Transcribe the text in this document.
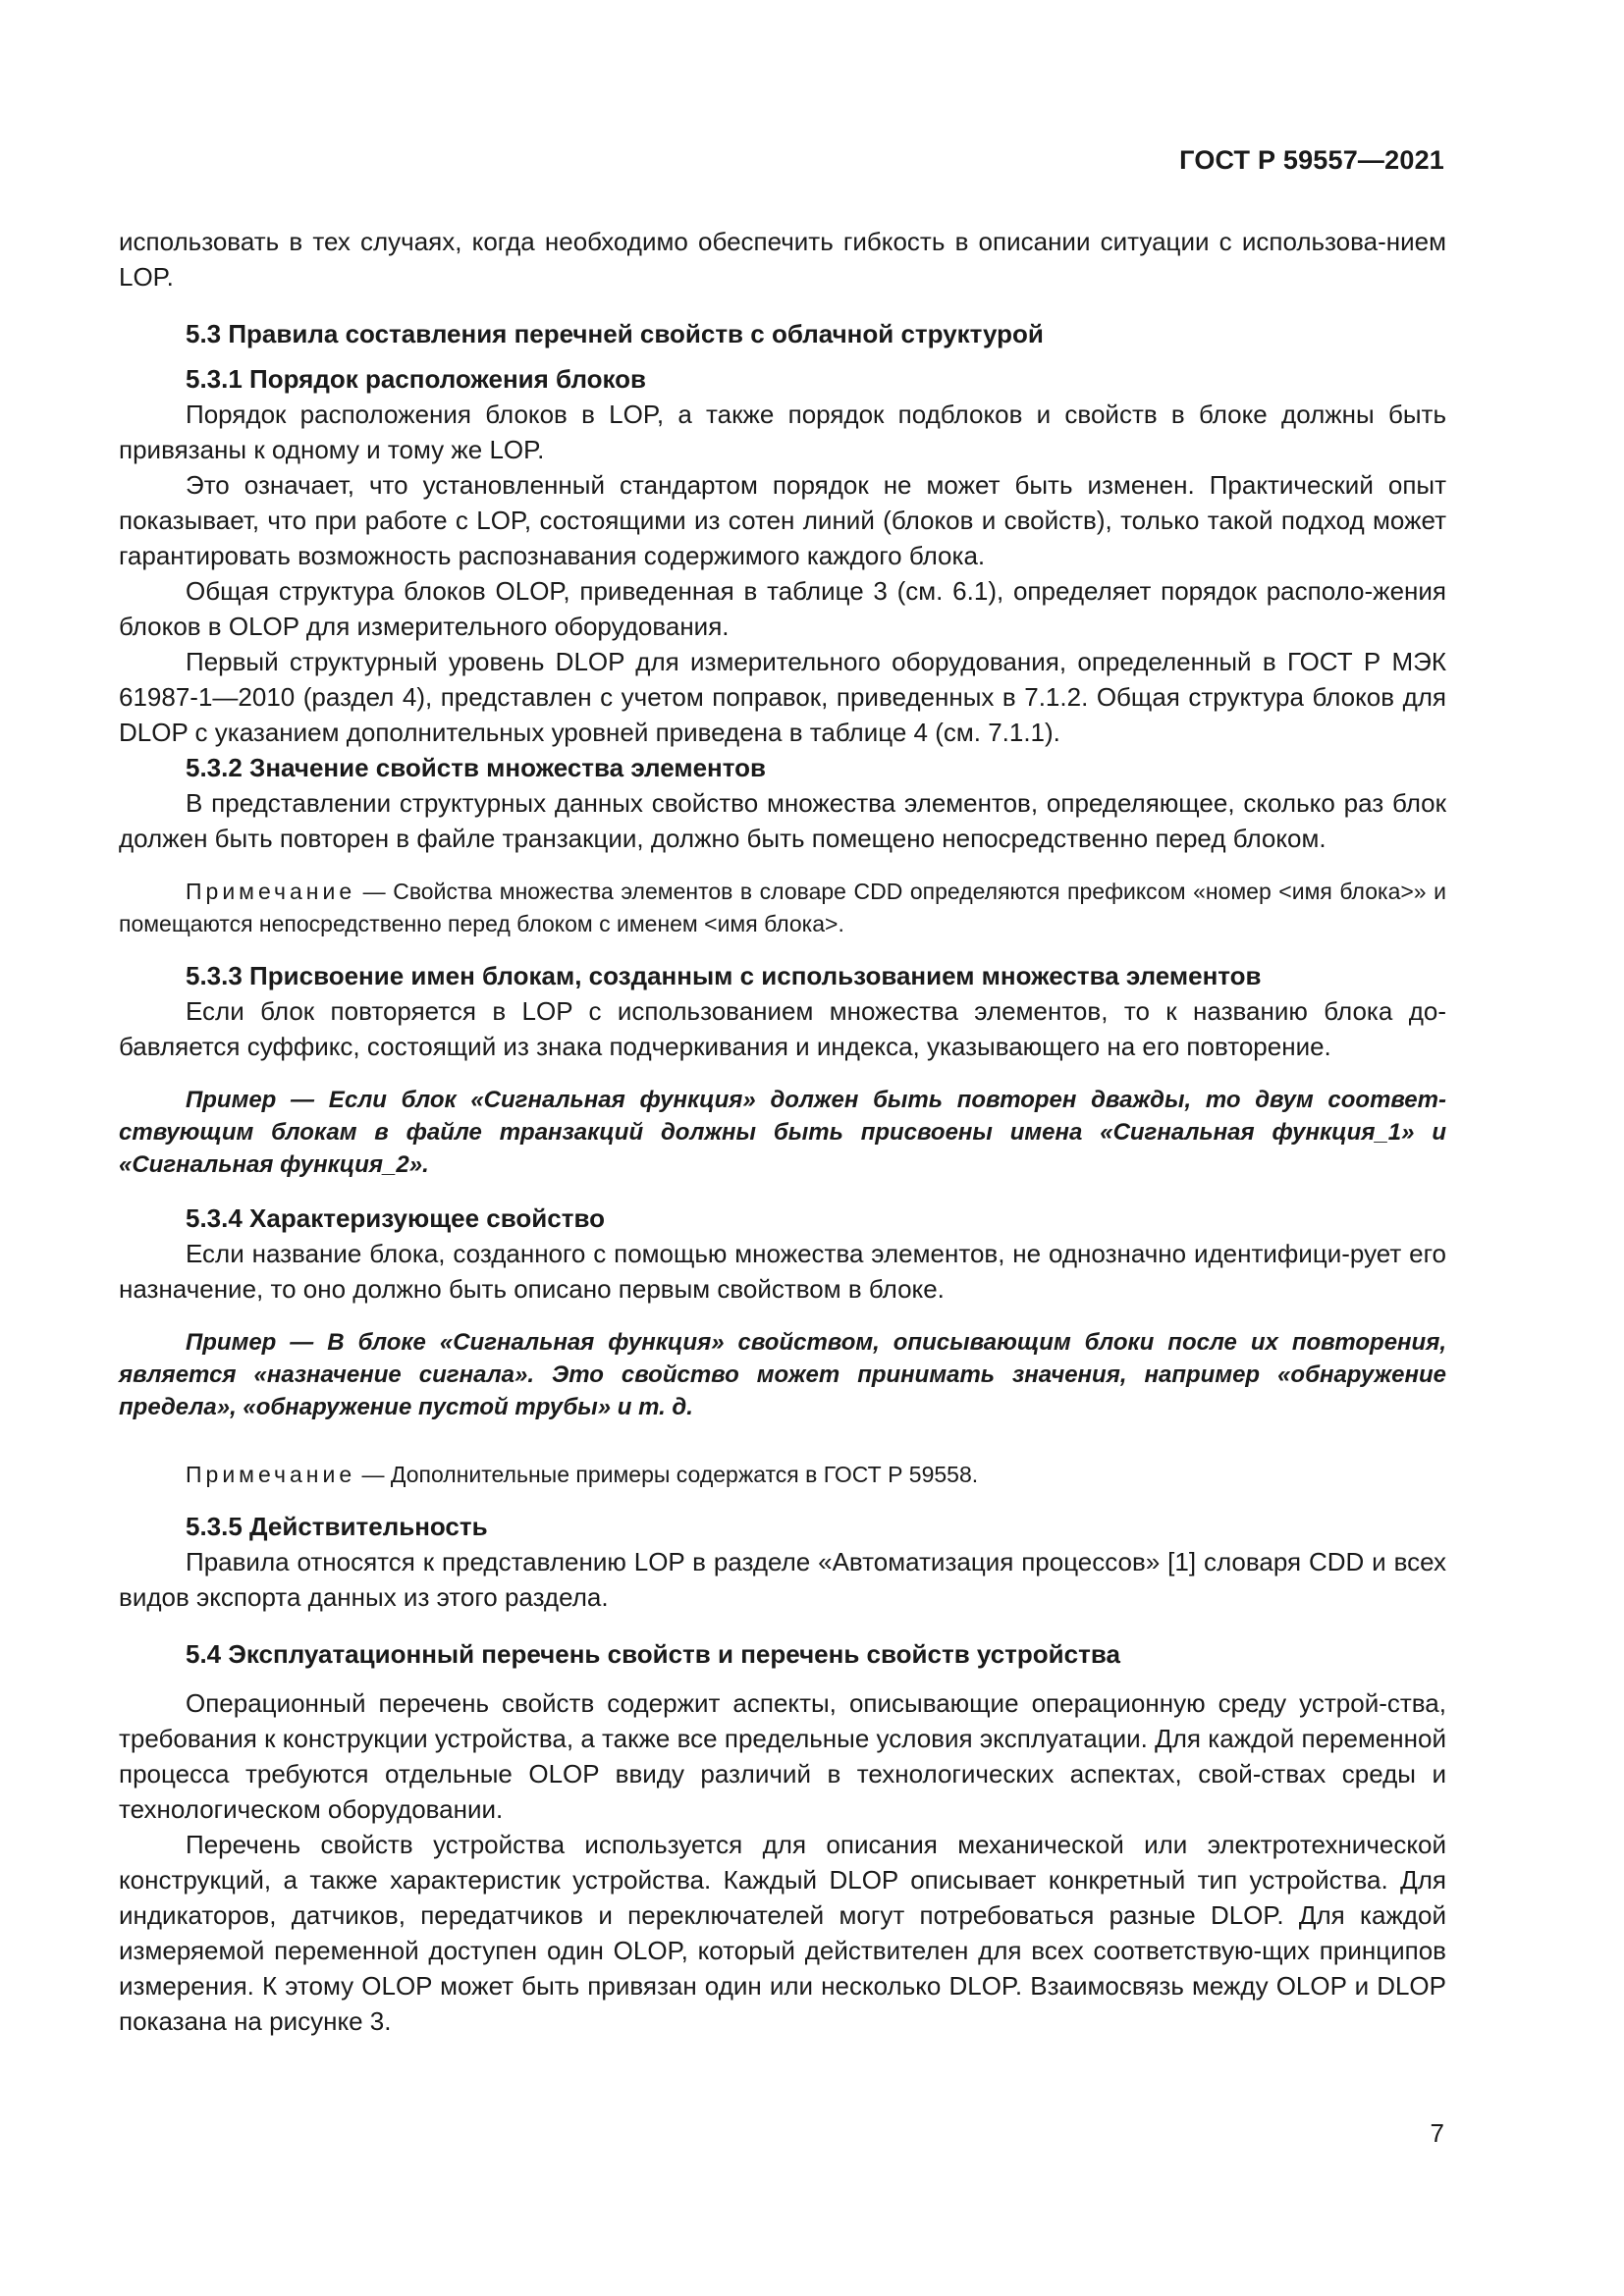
ГОСТ Р 59557—2021

использовать в тех случаях, когда необходимо обеспечить гибкость в описании ситуации с использова-нием LOP.

5.3 Правила составления перечней свойств с облачной структурой
5.3.1 Порядок расположения блоков

Порядок расположения блоков в LOP, а также порядок подблоков и свойств в блоке должны быть привязаны к одному и тому же LOP.

Это означает, что установленный стандартом порядок не может быть изменен. Практический опыт показывает, что при работе с LOP, состоящими из сотен линий (блоков и свойств), только такой подход может гарантировать возможность распознавания содержимого каждого блока.

Общая структура блоков OLOP, приведенная в таблице 3 (см. 6.1), определяет порядок располо-жения блоков в OLOP для измерительного оборудования.

Первый структурный уровень DLOP для измерительного оборудования, определенный в ГОСТ Р МЭК 61987-1—2010 (раздел 4), представлен с учетом поправок, приведенных в 7.1.2. Общая структура блоков для DLOP с указанием дополнительных уровней приведена в таблице 4 (см. 7.1.1).

5.3.2 Значение свойств множества элементов

В представлении структурных данных свойство множества элементов, определяющее, сколько раз блок должен быть повторен в файле транзакции, должно быть помещено непосредственно перед блоком.

Примечание — Свойства множества элементов в словаре CDD определяются префиксом «номер <имя блока>» и помещаются непосредственно перед блоком с именем <имя блока>.

5.3.3 Присвоение имен блокам, созданным с использованием множества элементов

Если блок повторяется в LOP с использованием множества элементов, то к названию блока до-бавляется суффикс, состоящий из знака подчеркивания и индекса, указывающего на его повторение.

Пример — Если блок «Сигнальная функция» должен быть повторен дважды, то двум соответ-ствующим блокам в файле транзакций должны быть присвоены имена «Сигнальная функция_1» и «Сигнальная функция_2».

5.3.4 Характеризующее свойство

Если название блока, созданного с помощью множества элементов, не однозначно идентифици-рует его назначение, то оно должно быть описано первым свойством в блоке.

Пример — В блоке «Сигнальная функция» свойством, описывающим блоки после их повторения, является «назначение сигнала». Это свойство может принимать значения, например «обнаружение предела», «обнаружение пустой трубы» и т. д.

Примечание — Дополнительные примеры содержатся в ГОСТ Р 59558.

5.3.5 Действительность

Правила относятся к представлению LOP в разделе «Автоматизация процессов» [1] словаря CDD и всех видов экспорта данных из этого раздела.

5.4 Эксплуатационный перечень свойств и перечень свойств устройства

Операционный перечень свойств содержит аспекты, описывающие операционную среду устрой-ства, требования к конструкции устройства, а также все предельные условия эксплуатации. Для каждой переменной процесса требуются отдельные OLOP ввиду различий в технологических аспектах, свой-ствах среды и технологическом оборудовании.

Перечень свойств устройства используется для описания механической или электротехнической конструкций, а также характеристик устройства. Каждый DLOP описывает конкретный тип устройства. Для индикаторов, датчиков, передатчиков и переключателей могут потребоваться разные DLOP. Для каждой измеряемой переменной доступен один OLOP, который действителен для всех соответствую-щих принципов измерения. К этому OLOP может быть привязан один или несколько DLOP. Взаимосвязь между OLOP и DLOP показана на рисунке 3.

7
